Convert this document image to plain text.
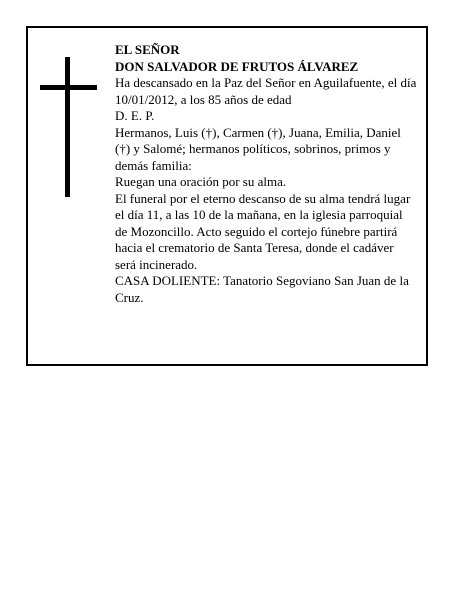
EL SEÑOR

DON SALVADOR DE FRUTOS ÁLVAREZ

Ha descansado en la Paz del Señor en Aguilafuente, el día 10/01/2012, a los 85 años de edad

D. E. P.

Hermanos, Luis (†), Carmen (†), Juana, Emilia, Daniel (†) y Salomé; hermanos políticos, sobrinos, primos y demás familia:

Ruegan una oración por su alma.

El funeral por el eterno descanso de su alma tendrá lugar el día 11, a las 10 de la mañana, en la iglesia parroquial de Mozoncillo. Acto seguido el cortejo fúnebre partirá hacia el crematorio de Santa Teresa, donde el cadáver será incinerado.

CASA DOLIENTE: Tanatorio Segoviano San Juan de la Cruz.
